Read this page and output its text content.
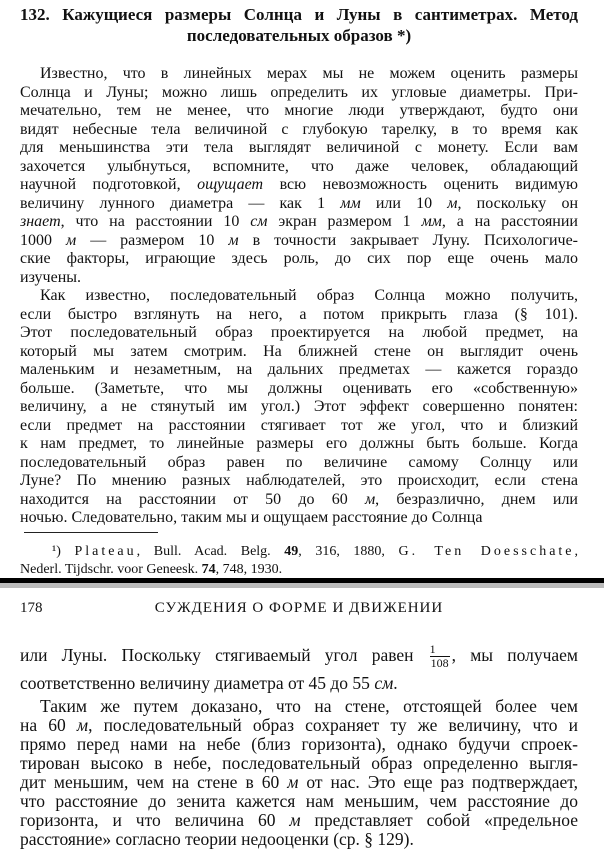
132. Кажущиеся размеры Солнца и Луны в сантиметрах. Метод
последовательных образов *)
Известно, что в линейных мерах мы не можем оценить размеры
Солнца и Луны; можно лишь определить их угловые диаметры. При-
мечательно, тем не менее, что многие люди утверждают, будто они
видят небесные тела величиной с глубокую тарелку, в то время как
для меньшинства эти тела выглядят величиной с монету. Если вам
захочется улыбнуться, вспомните, что даже человек, обладающий
научной подготовкой, ощущает всю невозможность оценить видимую
величину лунного диаметра — как 1 мм или 10 м, поскольку он
знает, что на расстоянии 10 см экран размером 1 мм, а на расстоянии
1000 м — размером 10 м в точности закрывает Луну. Психологиче-
ские факторы, играющие здесь роль, до сих пор еще очень мало
изучены.
Как известно, последовательный образ Солнца можно получить,
если быстро взглянуть на него, а потом прикрыть глаза (§ 101).
Этот последовательный образ проектируется на любой предмет, на
который мы затем смотрим. На ближней стене он выглядит очень
маленьким и незаметным, на дальних предметах — кажется гораздо
больше. (Заметьте, что мы должны оценивать его «собственную»
величину, а не стянутый им угол.) Этот эффект совершенно понятен:
если предмет на расстоянии стягивает тот же угол, что и близкий
к нам предмет, то линейные размеры его должны быть больше. Когда
последовательный образ равен по величине самому Солнцу или
Луне? По мнению разных наблюдателей, это происходит, если стена
находится на расстоянии от 50 до 60 м, безразлично, днем или
ночью. Следовательно, таким мы и ощущаем расстояние до Солнца
¹) Plateau, Bull. Acad. Belg. 49, 316, 1880, G. Ten Doesschate,
Nederl. Tijdschr. voor Geneesk. 74, 748, 1930.
178	СУЖДЕНИЯ О ФОРМЕ И ДВИЖЕНИИ
или Луны. Поскольку стягиваемый угол равен $\frac{1}{108}$ , мы получаем
соответственно величину диаметра от 45 до 55 см.
Таким же путем доказано, что на стене, отстоящей более чем
на 60 м, последовательный образ сохраняет ту же величину, что и
прямо перед нами на небе (близ горизонта), однако будучи спроек-
тирован высоко в небе, последовательный образ определенно выгля-
дит меньшим, чем на стене в 60 м от нас. Это еще раз подтверждает,
что расстояние до зенита кажется нам меньшим, чем расстояние до
горизонта, и что величина 60 м представляет собой «предельное
расстояние» согласно теории недооценки (ср. § 129).
